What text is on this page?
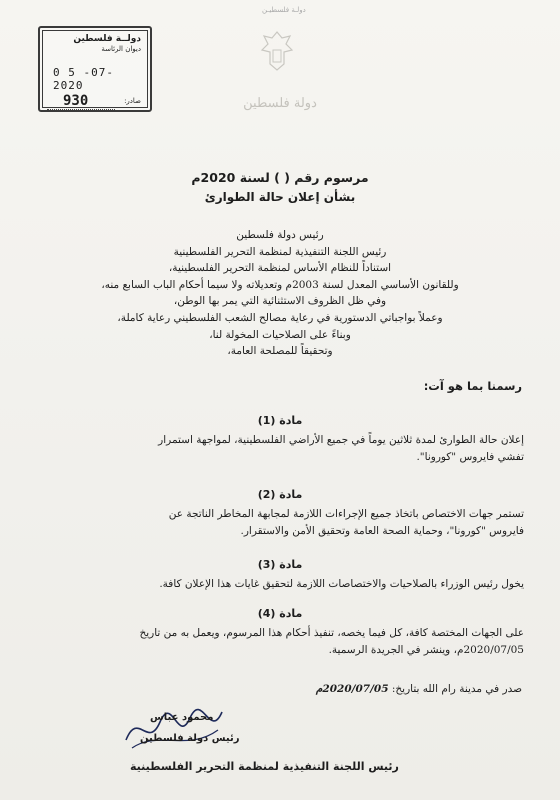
دولـة فلسطيـن
دولة فلسطين
دولــة فلسطين
ديوان الرئاسة
0 5 -07- 2020
صادر:
930
مرسوم رقم ( ) لسنة 2020م
بشأن إعلان حالة الطوارئ
رئيس دولة فلسطين
رئيس اللجنة التنفيذية لمنظمة التحرير الفلسطينية
استناداً للنظام الأساس لمنظمة التحرير الفلسطينية،
وللقانون الأساسي المعدل لسنة 2003م وتعديلاته ولا سيما أحكام الباب السابع منه،
وفي ظل الظروف الاستثنائية التي يمر بها الوطن،
وعملاً بواجباتي الدستورية في رعاية مصالح الشعب الفلسطيني رعاية كاملة،
وبناءً على الصلاحيات المخولة لنا،
وتحقيقاً للمصلحة العامة،
رسمنا بما هو آت:
مادة (1)
إعلان حالة الطوارئ لمدة ثلاثين يوماً في جميع الأراضي الفلسطينية، لمواجهة استمرار
تفشي فايروس "كورونا".
مادة (2)
تستمر جهات الاختصاص باتخاذ جميع الإجراءات اللازمة لمجابهة المخاطر الناتجة عن
فايروس "كورونا"، وحماية الصحة العامة وتحقيق الأمن والاستقرار.
مادة (3)
يخول رئيس الوزراء بالصلاحيات والاختصاصات اللازمة لتحقيق غايات هذا الإعلان كافة.
مادة (4)
على الجهات المختصة كافة، كل فيما يخصه، تنفيذ أحكام هذا المرسوم، ويعمل به من تاريخ
2020/07/05م، وينشر في الجريدة الرسمية.
صدر في مدينة رام الله بتاريخ: 2020/07/05م
محمود عباس
رئيس دولة فلسطين
رئيس اللجنة التنفيذية لمنظمة التحرير الفلسطينية
